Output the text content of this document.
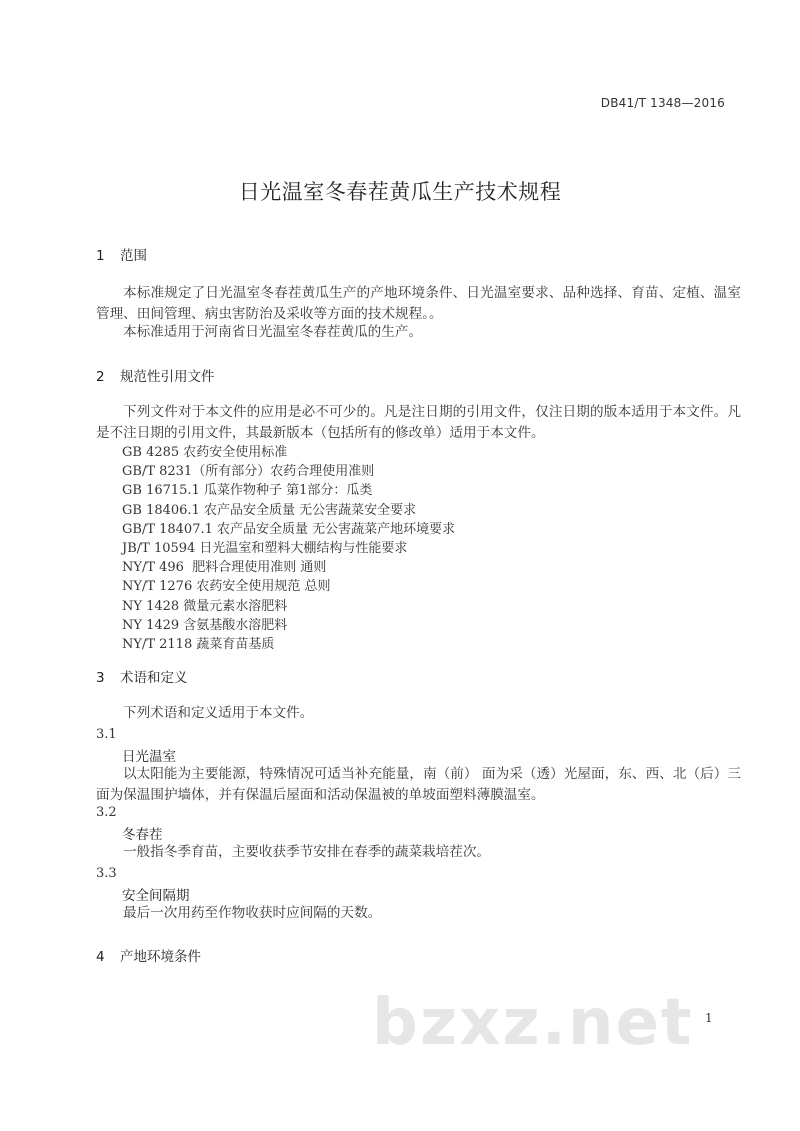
DB41/T 1348—2016
日光温室冬春茬黄瓜生产技术规程
1 范围

本标准规定了日光温室冬春茬黄瓜生产的产地环境条件、日光温室要求、品种选择、育苗、定植、温室管理、田间管理、病虫害防治及采收等方面的技术规程。。

本标准适用于河南省日光温室冬春茬黄瓜的生产。

2 规范性引用文件

下列文件对于本文件的应用是必不可少的。凡是注日期的引用文件，仅注日期的版本适用于本文件。凡是不注日期的引用文件，其最新版本（包括所有的修改单）适用于本文件。

GB 4285 农药安全使用标准
GB/T 8231（所有部分）农药合理使用准则
GB 16715.1 瓜菜作物种子 第1部分：瓜类
GB 18406.1 农产品安全质量 无公害蔬菜安全要求
GB/T 18407.1 农产品安全质量 无公害蔬菜产地环境要求
JB/T 10594 日光温室和塑料大棚结构与性能要求
NY/T 496  肥料合理使用准则 通则
NY/T 1276 农药安全使用规范 总则
NY 1428 微量元素水溶肥料
NY 1429 含氨基酸水溶肥料
NY/T 2118 蔬菜育苗基质
3 术语和定义

下列术语和定义适用于本文件。

3.1
日光温室

以太阳能为主要能源，特殊情况可适当补充能量，南（前） 面为采（透）光屋面，东、西、北（后）三面为保温围护墙体，并有保温后屋面和活动保温被的单坡面塑料薄膜温室。

3.2
冬春茬

一般指冬季育苗，主要收获季节安排在春季的蔬菜栽培茬次。

3.3
安全间隔期

最后一次用药至作物收获时应间隔的天数。

4 产地环境条件
bzxz.net 1
